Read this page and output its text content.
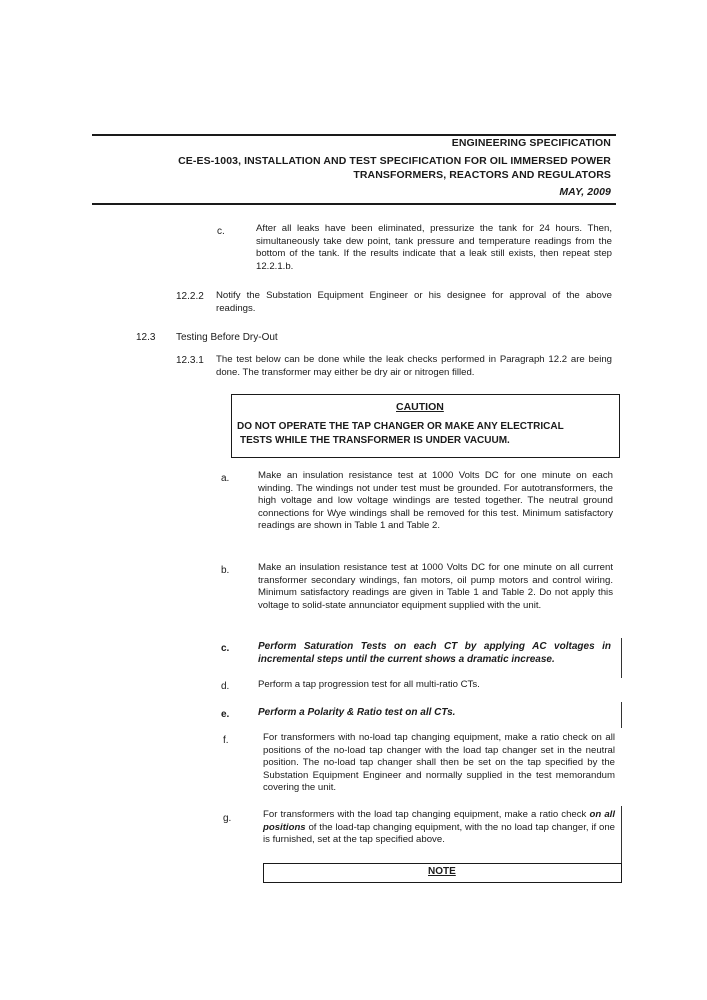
ENGINEERING SPECIFICATION
CE-ES-1003, INSTALLATION AND TEST SPECIFICATION FOR OIL IMMERSED POWER
TRANSFORMERS, REACTORS AND REGULATORS
MAY, 2009
c.	After all leaks have been eliminated, pressurize the tank for 24 hours. Then, simultaneously take dew point, tank pressure and temperature readings from the bottom of the tank. If the results indicate that a leak still exists, then repeat step 12.2.1.b.
12.2.2 Notify the Substation Equipment Engineer or his designee for approval of the above readings.
12.3 Testing Before Dry-Out
12.3.1 The test below can be done while the leak checks performed in Paragraph 12.2 are being done. The transformer may either be dry air or nitrogen filled.
CAUTION
DO NOT OPERATE THE TAP CHANGER OR MAKE ANY ELECTRICAL
TESTS WHILE THE TRANSFORMER IS UNDER VACUUM.
a.	Make an insulation resistance test at 1000 Volts DC for one minute on each winding. The windings not under test must be grounded. For autotransformers, the high voltage and low voltage windings are tested together. The neutral ground connections for Wye windings shall be removed for this test. Minimum satisfactory readings are shown in Table 1 and Table 2.
b.	Make an insulation resistance test at 1000 Volts DC for one minute on all current transformer secondary windings, fan motors, oil pump motors and control wiring. Minimum satisfactory readings are given in Table 1 and Table 2. Do not apply this voltage to solid-state annunciator equipment supplied with the unit.
c.	Perform Saturation Tests on each CT by applying AC voltages in incremental steps until the current shows a dramatic increase.
d.	Perform a tap progression test for all multi-ratio CTs.
e.	Perform a Polarity & Ratio test on all CTs.
f.	For transformers with no-load tap changing equipment, make a ratio check on all positions of the no-load tap changer with the load tap changer set in the neutral position. The no-load tap changer shall then be set on the tap specified by the Substation Equipment Engineer and normally supplied in the test memorandum covering the unit.
g.	For transformers with the load tap changing equipment, make a ratio check on all positions of the load-tap changing equipment, with the no load tap changer, if one is furnished, set at the tap specified above.
NOTE
